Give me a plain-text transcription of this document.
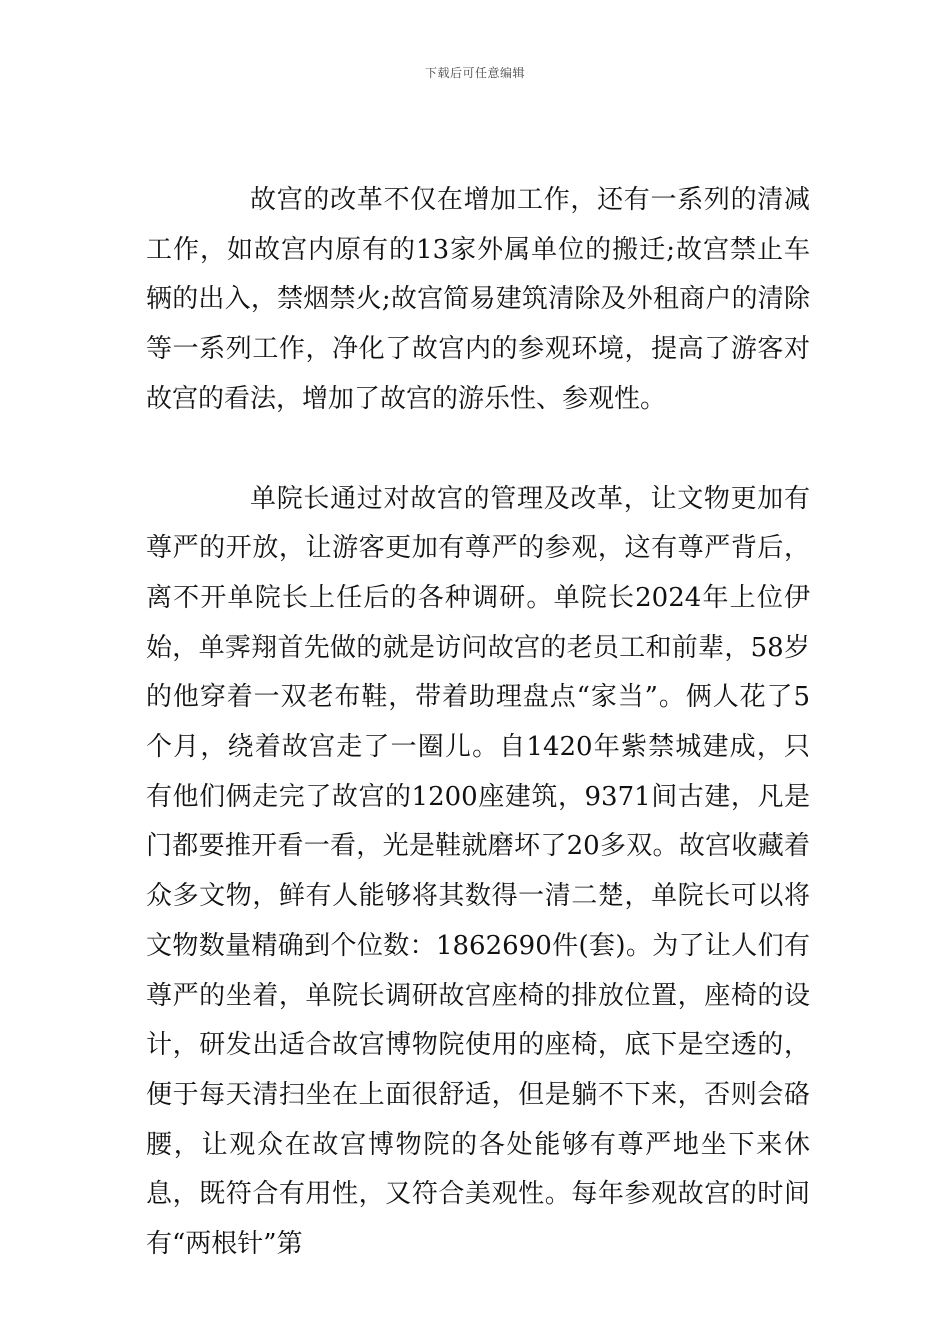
下载后可任意编辑

故宫的改革不仅在增加工作，还有一系列的清减工作，如故宫内原有的13家外属单位的搬迁;故宫禁止车辆的出入，禁烟禁火;故宫简易建筑清除及外租商户的清除等一系列工作，净化了故宫内的参观环境，提高了游客对故宫的看法，增加了故宫的游乐性、参观性。

单院长通过对故宫的管理及改革，让文物更加有尊严的开放，让游客更加有尊严的参观，这有尊严背后，离不开单院长上任后的各种调研。单院长2024年上位伊始，单霁翔首先做的就是访问故宫的老员工和前辈，58岁的他穿着一双老布鞋，带着助理盘点“家当”。俩人花了5个月，绕着故宫走了一圈儿。自1420年紫禁城建成，只有他们俩走完了故宫的1200座建筑，9371间古建，凡是门都要推开看一看，光是鞋就磨坏了20多双。故宫收藏着众多文物，鲜有人能够将其数得一清二楚，单院长可以将文物数量精确到个位数：1862690件(套)。为了让人们有尊严的坐着，单院长调研故宫座椅的排放位置，座椅的设计，研发出适合故宫博物院使用的座椅，底下是空透的，便于每天清扫坐在上面很舒适，但是躺不下来，否则会硌腰，让观众在故宫博物院的各处能够有尊严地坐下来休息，既符合有用性，又符合美观性。每年参观故宫的时间有“两根针”第
